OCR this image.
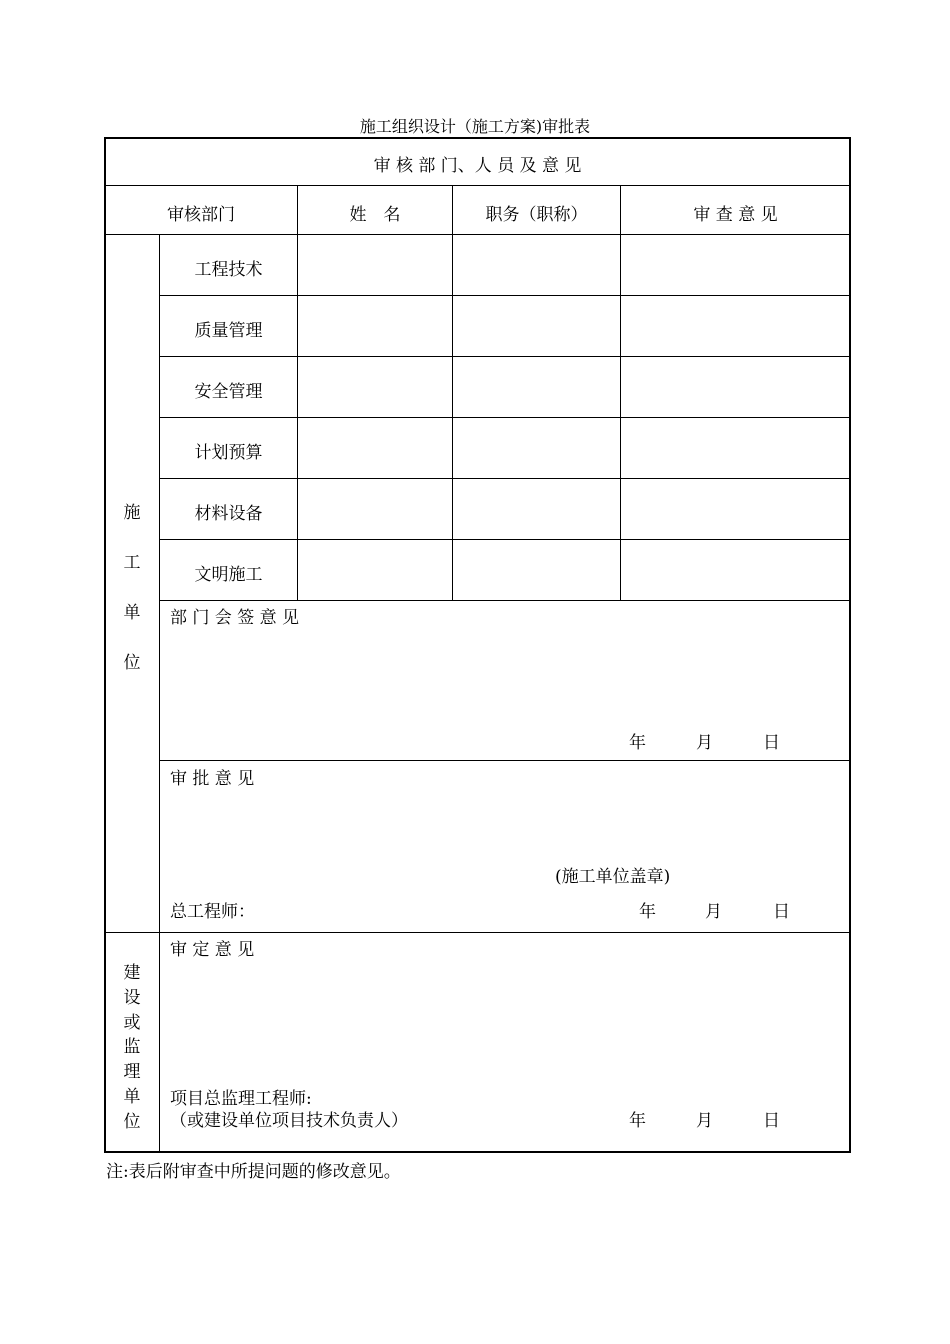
施工组织设计（施工方案)审批表
审 核 部 门、人 员 及 意 见
审核部门	姓　名	职务（职称）	审 查 意 见
工程技术
质量管理
安全管理
计划预算
材料设备
文明施工
施
工
单
位
部 门 会 签 意 见
年	月	日
审 批 意 见
(施工单位盖章)
总工程师：	年	月	日
建
设
或
监
理
单
位
审 定 意 见
项目总监理工程师:
（或建设单位项目技术负责人）	年	月	日
注:表后附审查中所提问题的修改意见。
